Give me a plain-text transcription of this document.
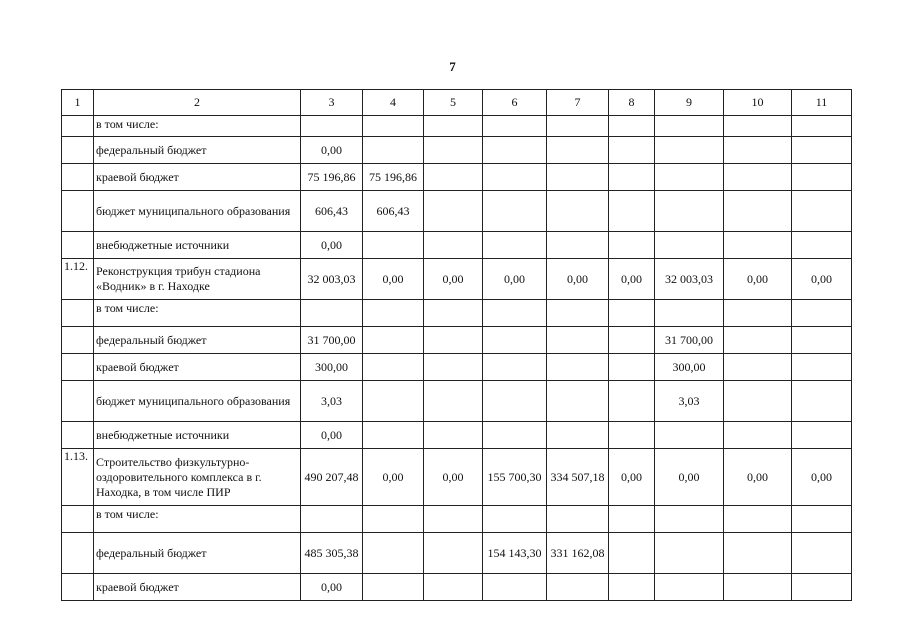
7
1	2	3	4	5	6	7	8	9	10	11
	в том числе:									
	федеральный бюджет	0,00								
	краевой бюджет	75 196,86	75 196,86							
	бюджет муниципального образования	606,43	606,43							
	внебюджетные источники	0,00								
1.12.	Реконструкция трибун стадиона «Водник» в г. Находке	32 003,03	0,00	0,00	0,00	0,00	0,00	32 003,03	0,00	0,00
	в том числе:									
	федеральный бюджет	31 700,00						31 700,00		
	краевой бюджет	300,00						300,00		
	бюджет муниципального образования	3,03						3,03		
	внебюджетные источники	0,00								
1.13.	Строительство физкультурно-оздоровительного комплекса в г. Находка, в том числе ПИР	490 207,48	0,00	0,00	155 700,30	334 507,18	0,00	0,00	0,00	0,00
	в том числе:									
	федеральный бюджет	485 305,38			154 143,30	331 162,08				
	краевой бюджет	0,00								
